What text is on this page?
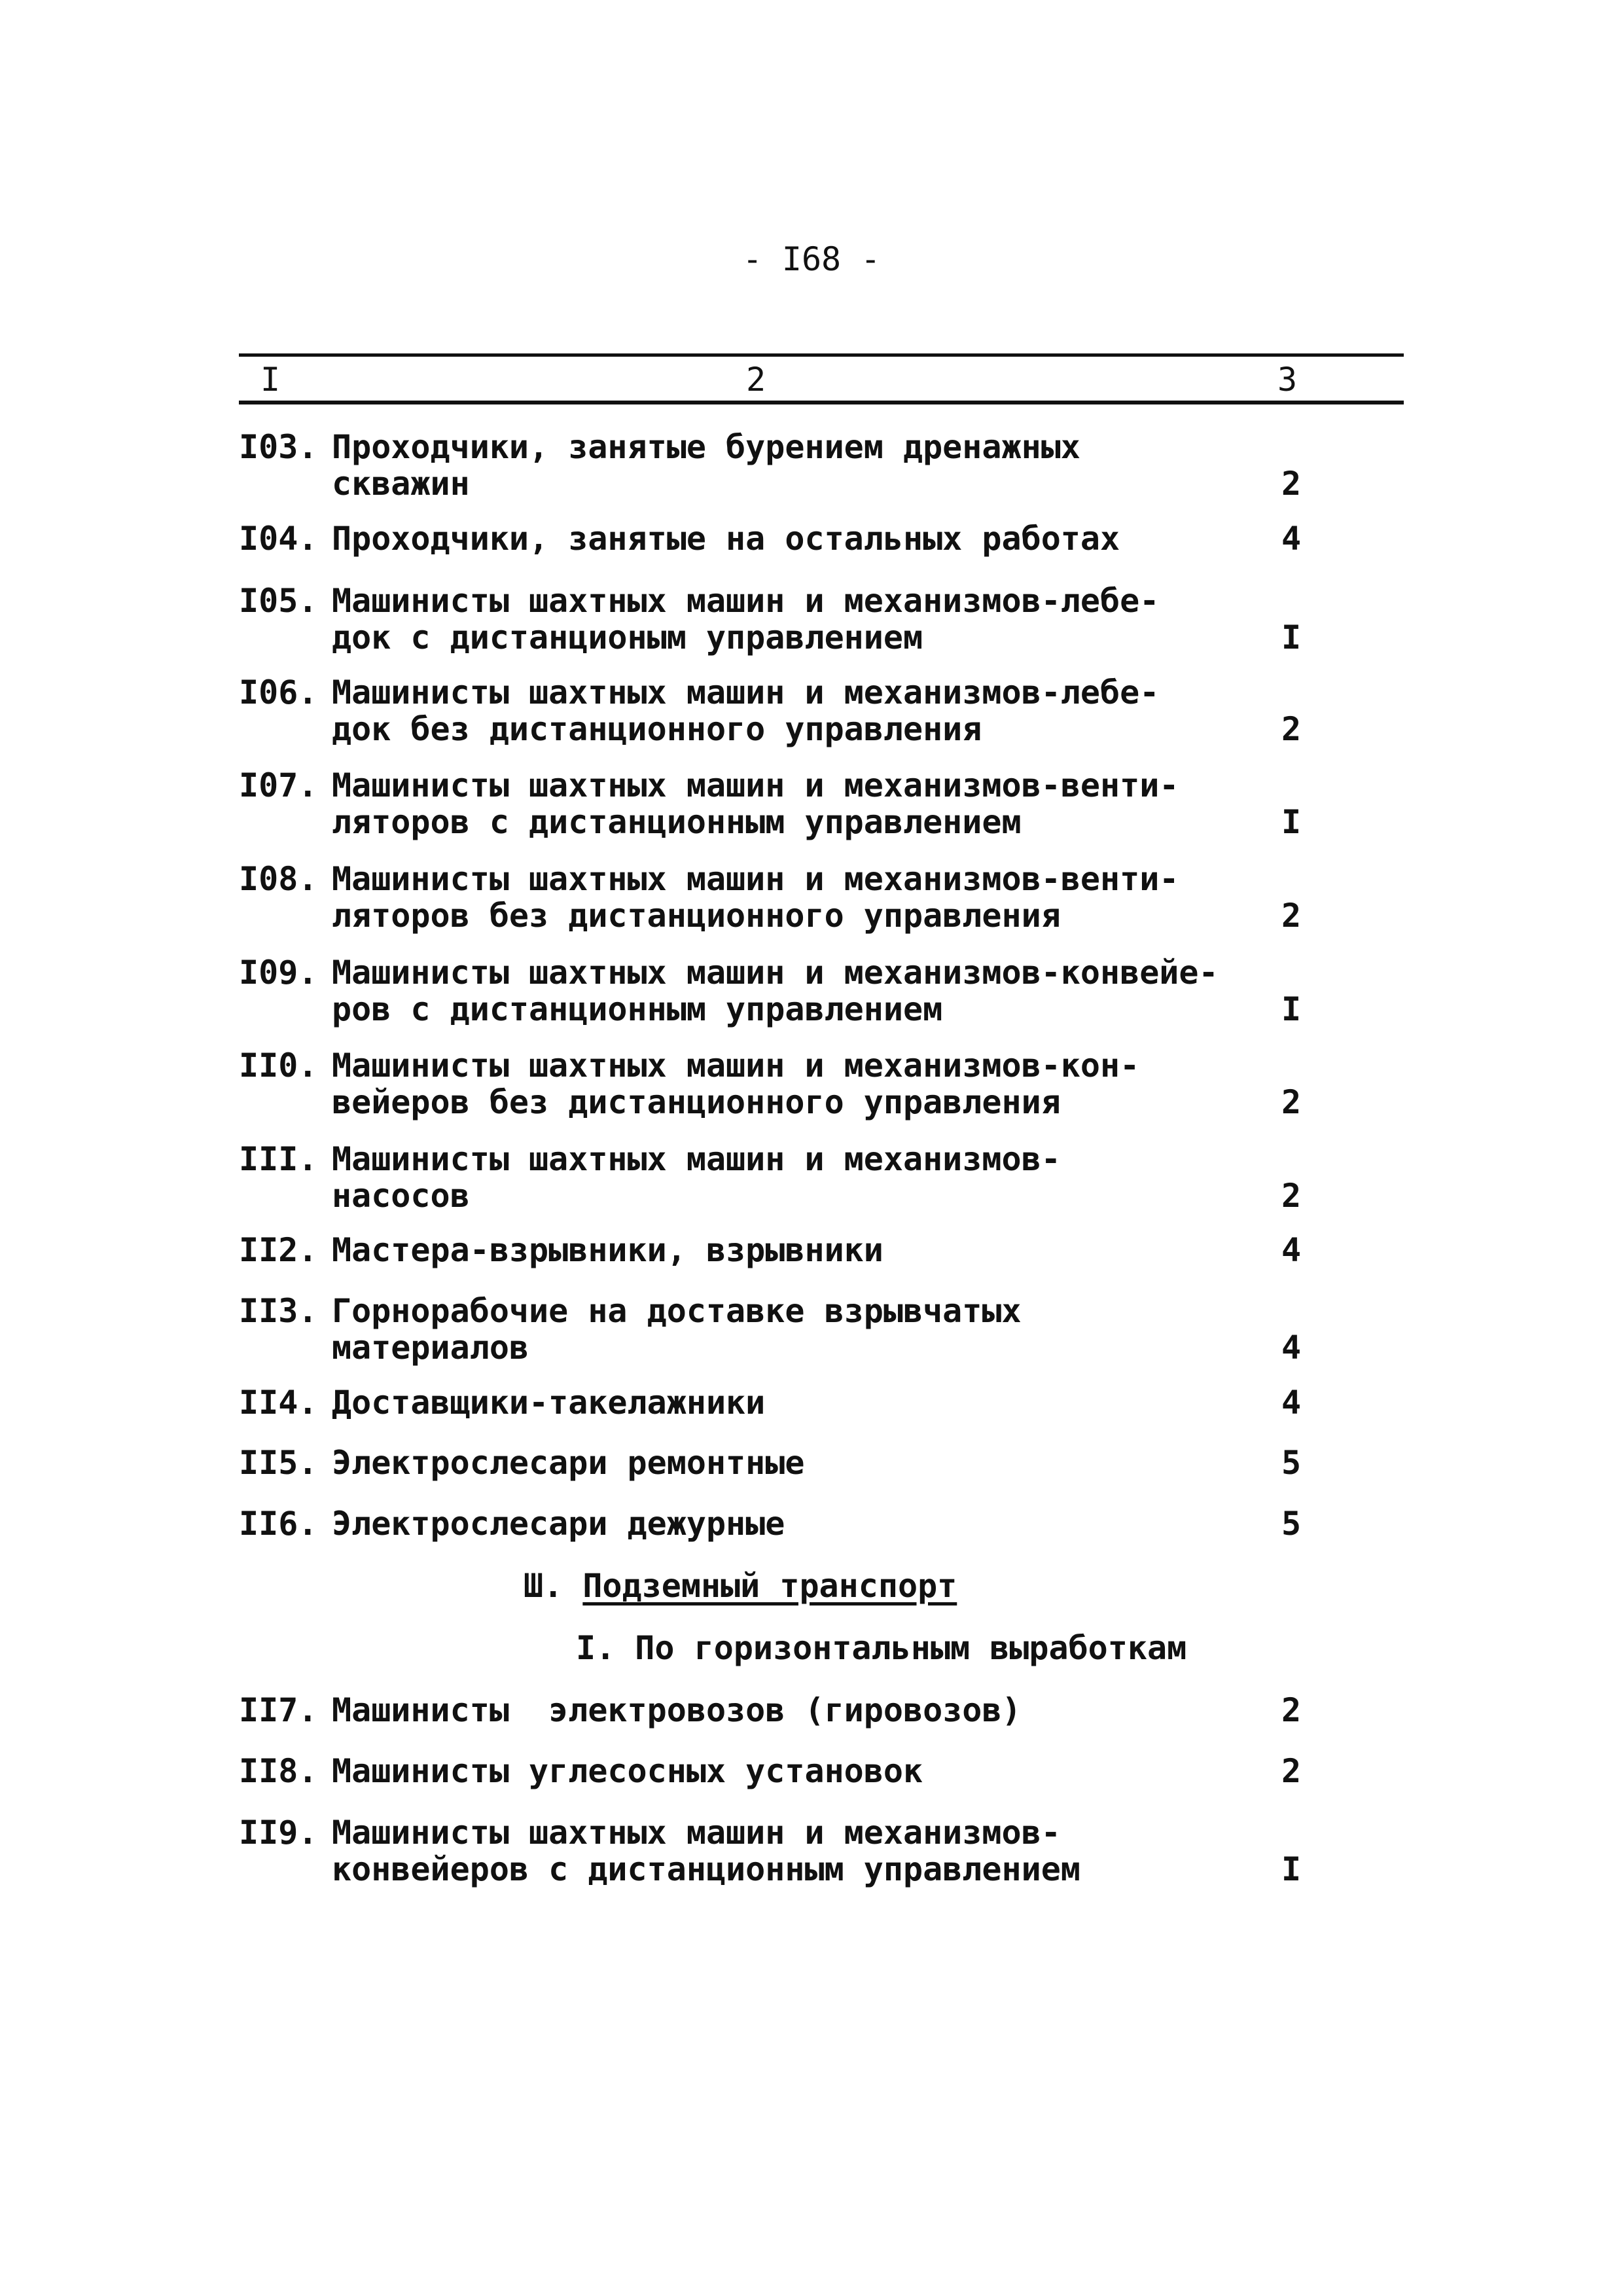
- I68 -
I	2	3
I03. Проходчики, занятые бурением дренажных
скважин	2
I04. Проходчики, занятые на остальных работах	4
I05. Машинисты шахтных машин и механизмов-лебе-
док с дистанционым управлением	I
I06. Машинисты шахтных машин и механизмов-лебе-
док без дистанционного управления	2
I07. Машинисты шахтных машин и механизмов-венти-
ляторов с дистанционным управлением	I
I08. Машинисты шахтных машин и механизмов-венти-
ляторов без дистанционного управления	2
I09. Машинисты шахтных машин и механизмов-конвейе-
ров с дистанционным управлением	I
II0. Машинисты шахтных машин и механизмов-кон-
вейеров без дистанционного управления	2
III. Машинисты шахтных машин и механизмов-
насосов	2
II2. Мастера-взрывники, взрывники	4
II3. Горнорабочие на доставке взрывчатых
материалов	4
II4. Доставщики-такелажники	4
II5. Электрослесари ремонтные	5
II6. Электрослесари дежурные	5
Ш. Подземный транспорт
I. По горизонтальным выработкам
II7. Машинисты  электровозов (гировозов)	2
II8. Машинисты углесосных установок	2
II9. Машинисты шахтных машин и механизмов-
конвейеров с дистанционным управлением	I
